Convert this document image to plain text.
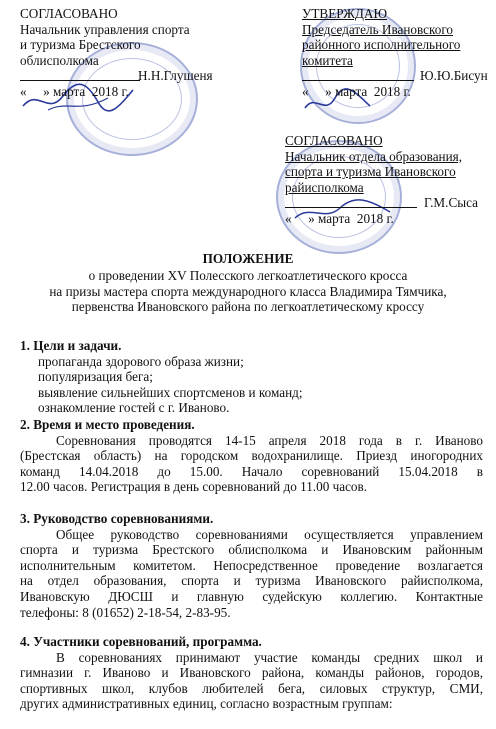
СОГЛАСОВАНО
Начальник управления спорта
и туризма Брестского
облисполкома
Н.Н.Глушеня
«     » марта  2018 г.
УТВЕРЖДАЮ
Председатель Ивановского
районного исполнительного
комитета
Ю.Ю.Бисун
«     » марта  2018 г.
СОГЛАСОВАНО
Начальник отдела образования,
спорта и туризма Ивановского
райисполкома
Г.М.Сыса
«     » марта  2018 г.
ПОЛОЖЕНИЕ
о проведении XV Полесского легкоатлетического кросса
на призы мастера спорта международного класса Владимира Тямчика,
первенства Ивановского района по легкоатлетическому кроссу
1. Цели и задачи.
пропаганда здорового образа жизни;
популяризация бега;
выявление сильнейших спортсменов и команд;
ознакомление гостей с г. Иваново.
2. Время и место проведения.
Соревнования проводятся 14-15 апреля 2018 года в г. Иваново
(Брестская область) на городском водохранилище. Приезд иногородних
команд 14.04.2018 до 15.00. Начало соревнований 15.04.2018 в
12.00 часов. Регистрация в день соревнований до 11.00 часов.
3. Руководство соревнованиями.
Общее руководство соревнованиями осуществляется управлением
спорта и туризма Брестского облисполкома и Ивановским районным
исполнительным комитетом. Непосредственное проведение возлагается
на отдел образования, спорта и туризма Ивановского райисполкома,
Ивановскую ДЮСШ и главную судейскую коллегию. Контактные
телефоны: 8 (01652) 2-18-54, 2-83-95.
4. Участники соревнований, программа.
В соревнованиях принимают участие команды средних школ и
гимназии г. Иваново и Ивановского района, команды районов, городов,
спортивных школ, клубов любителей бега, силовых структур, СМИ,
других административных единиц, согласно возрастным группам:
